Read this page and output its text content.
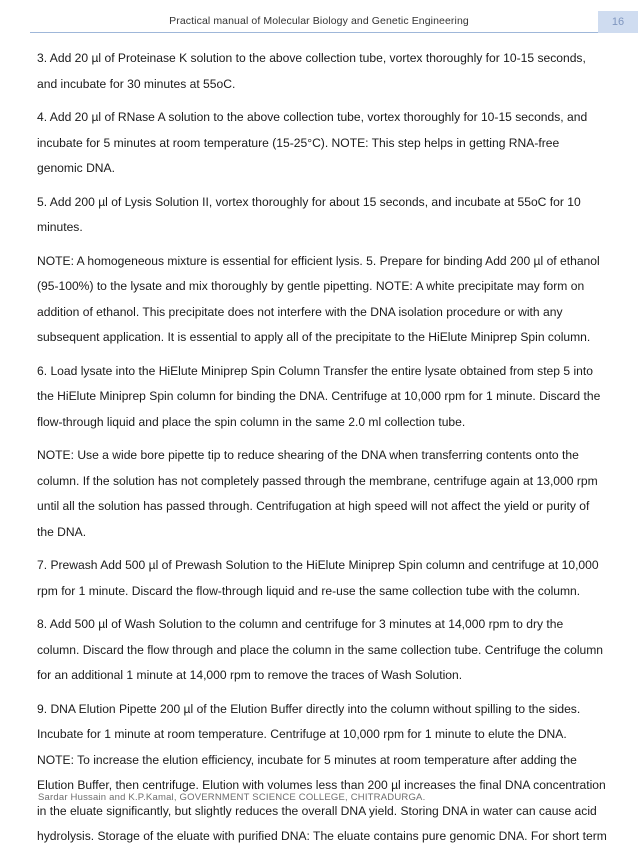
Practical manual of Molecular Biology and Genetic Engineering	16

3. Add 20 µl of Proteinase K solution to the above collection tube, vortex thoroughly for 10-15 seconds, and incubate for 30 minutes at 55oC.

4. Add 20 µl of RNase A solution to the above collection tube, vortex thoroughly for 10-15 seconds, and incubate for 5 minutes at room temperature (15-25°C). NOTE: This step helps in getting RNA-free genomic DNA.

5. Add 200 µl of Lysis Solution II, vortex thoroughly for about 15 seconds, and incubate at 55oC for 10 minutes.

NOTE: A homogeneous mixture is essential for efficient lysis. 5. Prepare for binding Add 200 µl of ethanol (95-100%) to the lysate and mix thoroughly by gentle pipetting. NOTE: A white precipitate may form on addition of ethanol. This precipitate does not interfere with the DNA isolation procedure or with any subsequent application. It is essential to apply all of the precipitate to the HiElute Miniprep Spin column.

6. Load lysate into the HiElute Miniprep Spin Column Transfer the entire lysate obtained from step 5 into the HiElute Miniprep Spin column for binding the DNA. Centrifuge at 10,000 rpm for 1 minute. Discard the flow-through liquid and place the spin column in the same 2.0 ml collection tube.

NOTE: Use a wide bore pipette tip to reduce shearing of the DNA when transferring contents onto the column. If the solution has not completely passed through the membrane, centrifuge again at 13,000 rpm until all the solution has passed through. Centrifugation at high speed will not affect the yield or purity of the DNA.

7. Prewash Add 500 µl of Prewash Solution to the HiElute Miniprep Spin column and centrifuge at 10,000 rpm for 1 minute. Discard the flow-through liquid and re-use the same collection tube with the column.

8. Add 500 µl of Wash Solution to the column and centrifuge for 3 minutes at 14,000 rpm to dry the column. Discard the flow through and place the column in the same collection tube. Centrifuge the column for an additional 1 minute at 14,000 rpm to remove the traces of Wash Solution.

9. DNA Elution Pipette 200 µl of the Elution Buffer directly into the column without spilling to the sides. Incubate for 1 minute at room temperature. Centrifuge at 10,000 rpm for 1 minute to elute the DNA. NOTE: To increase the elution efficiency, incubate for 5 minutes at room temperature after adding the Elution Buffer, then centrifuge. Elution with volumes less than 200 µl increases the final DNA concentration in the eluate significantly, but slightly reduces the overall DNA yield. Storing DNA in water can cause acid hydrolysis. Storage of the eluate with purified DNA: The eluate contains pure genomic DNA. For short term

Sardar Hussain and K.P.Kamal, GOVERNMENT SCIENCE COLLEGE, CHITRADURGA.
